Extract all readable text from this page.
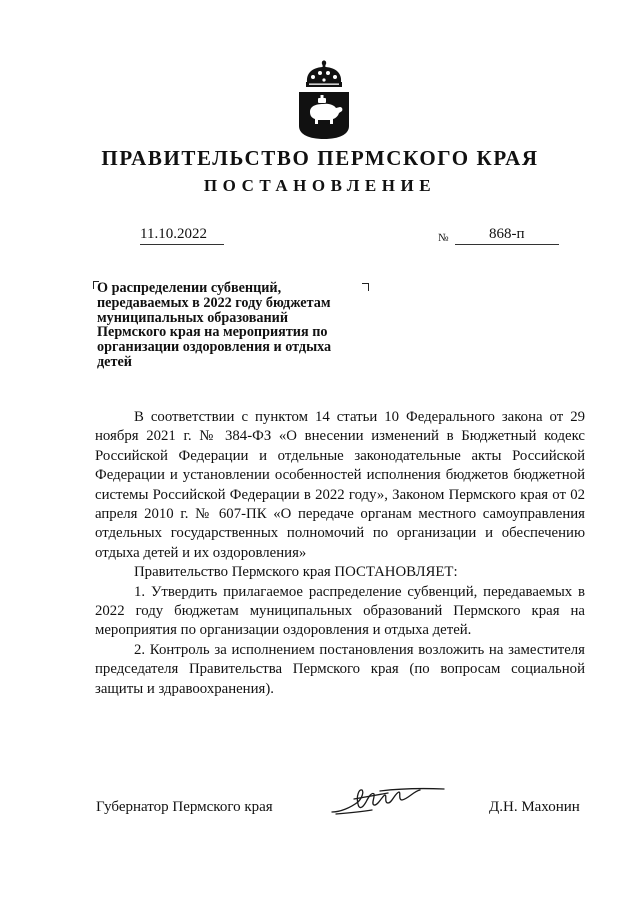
ПРАВИТЕЛЬСТВО ПЕРМСКОГО КРАЯ
ПОСТАНОВЛЕНИЕ
11.10.2022	№	868-п

О распределении субвенций, передаваемых в 2022 году бюджетам муниципальных образований Пермского края на мероприятия по организации оздоровления и отдыха детей

В соответствии с пунктом 14 статьи 10 Федерального закона от 29 ноября 2021 г. № 384-ФЗ «О внесении изменений в Бюджетный кодекс Российской Федерации и отдельные законодательные акты Российской Федерации и установлении особенностей исполнения бюджетов бюджетной системы Российской Федерации в 2022 году», Законом Пермского края от 02 апреля 2010 г. № 607-ПК «О передаче органам местного самоуправления отдельных государственных полномочий по организации и обеспечению отдыха детей и их оздоровления»

Правительство Пермского края ПОСТАНОВЛЯЕТ:

1. Утвердить прилагаемое распределение субвенций, передаваемых в 2022 году бюджетам муниципальных образований Пермского края на мероприятия по организации оздоровления и отдыха детей.

2. Контроль за исполнением постановления возложить на заместителя председателя Правительства Пермского края (по вопросам социальной защиты и здравоохранения).

Губернатор Пермского края	Д.Н. Махонин
